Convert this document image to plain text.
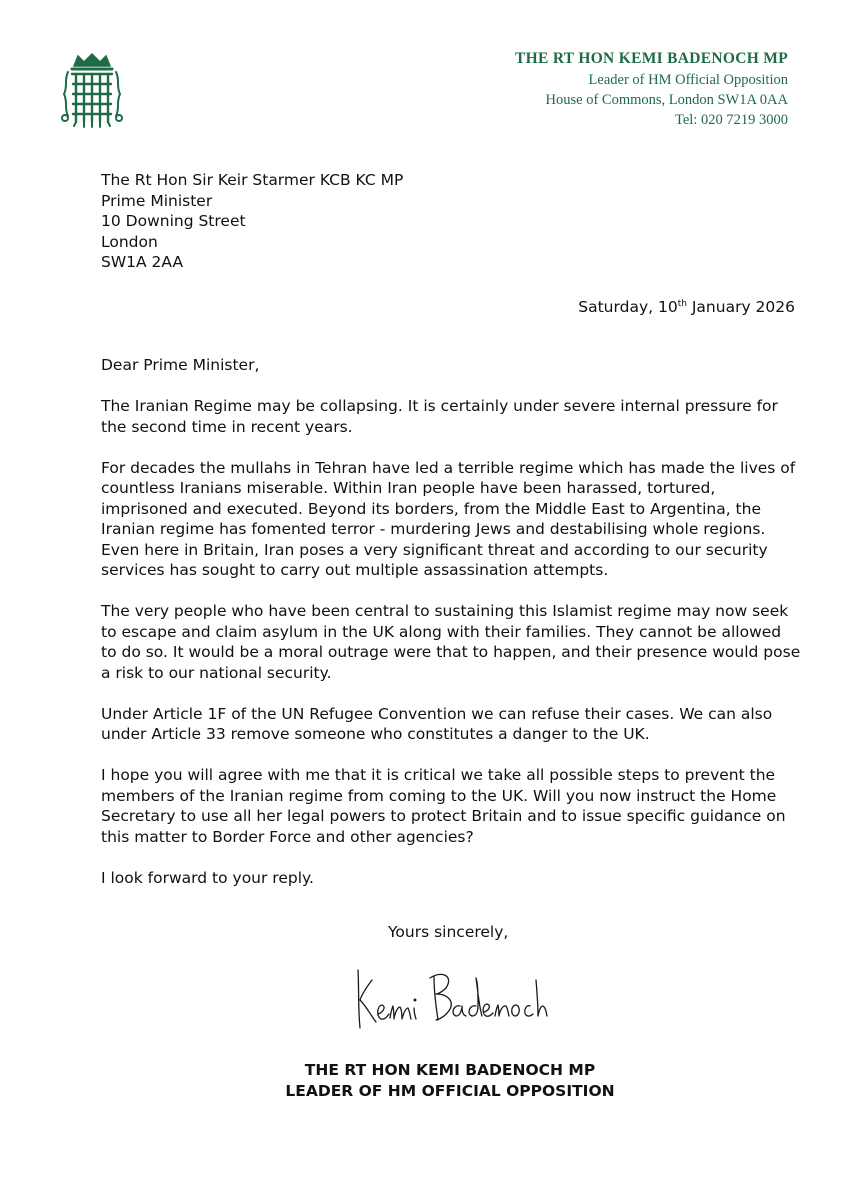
THE RT HON KEMI BADENOCH MP
Leader of HM Official Opposition
House of Commons, London SW1A 0AA
Tel: 020 7219 3000
The Rt Hon Sir Keir Starmer KCB KC MP
Prime Minister
10 Downing Street
London
SW1A 2AA
Saturday, 10th January 2026

Dear Prime Minister,

The Iranian Regime may be collapsing. It is certainly under severe internal pressure for the second time in recent years.

For decades the mullahs in Tehran have led a terrible regime which has made the lives of countless Iranians miserable. Within Iran people have been harassed, tortured, imprisoned and executed. Beyond its borders, from the Middle East to Argentina, the Iranian regime has fomented terror - murdering Jews and destabilising whole regions. Even here in Britain, Iran poses a very significant threat and according to our security services has sought to carry out multiple assassination attempts.

The very people who have been central to sustaining this Islamist regime may now seek to escape and claim asylum in the UK along with their families. They cannot be allowed to do so. It would be a moral outrage were that to happen, and their presence would pose a risk to our national security.

Under Article 1F of the UN Refugee Convention we can refuse their cases. We can also under Article 33 remove someone who constitutes a danger to the UK.

I hope you will agree with me that it is critical we take all possible steps to prevent the members of the Iranian regime from coming to the UK. Will you now instruct the Home Secretary to use all her legal powers to protect Britain and to issue specific guidance on this matter to Border Force and other agencies?

I look forward to your reply.

Yours sincerely,
THE RT HON KEMI BADENOCH MP
LEADER OF HM OFFICIAL OPPOSITION
